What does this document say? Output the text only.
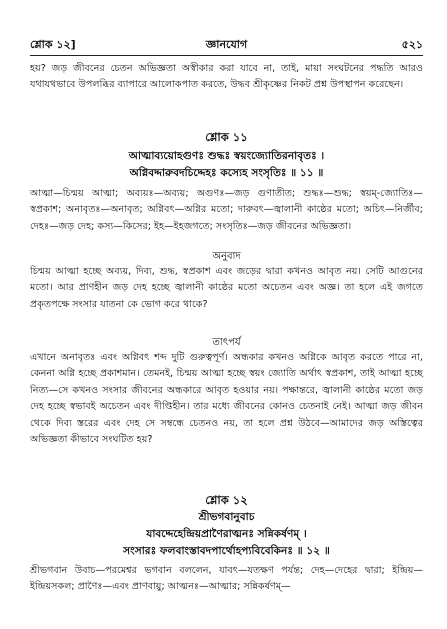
শ্লোক ১২]	জ্ঞানযোগ	৫২১

হয়? জড় জীবনের চেতন অভিজ্ঞতা অস্বীকার করা যাবে না, তাই, মায়া সংঘটনের পদ্ধতি আরও যথাযথভাবে উপলব্ধির ব্যাপারে আলোকপাত করতে, উদ্ধব শ্রীকৃষ্ণের নিকট প্রশ্ন উপস্থাপন করেছেন।

শ্লোক ১১

আত্মাব্যয়োহগুণঃ শুদ্ধঃ স্বয়ংজ্যোতিরনাবৃতঃ ।

অগ্নিবদ্দারুবদচিদ্দেহঃ কস্যেহ সংসৃতিঃ ॥ ১১ ॥

আত্মা—চিন্ময় আত্মা; অব্যয়ঃ—অব্যয়; অগুণঃ—জড় গুণাতীত; শুদ্ধঃ—শুদ্ধ; স্বয়ম্-জ্যোতিঃ—স্বপ্রকাশ; অনাবৃতঃ—অনাবৃত; অগ্নিবৎ—অগ্নির মতো; দারুবৎ—জ্বালানী কাষ্ঠের মতো; অচিৎ—নির্জীব; দেহঃ—জড় দেহ; কস্য—কিসের; ইহ—ইহজগতে; সংসৃতিঃ—জড় জীবনের অভিজ্ঞতা।

অনুবাদ

চিন্ময় আত্মা হচ্ছে অব্যয়, দিব্য, শুদ্ধ, স্বপ্রকাশ এবং জড়ের দ্বারা কখনও আবৃত নয়। সেটি আগুনের মতো। আর প্রাণহীন জড় দেহ হচ্ছে জ্বালানী কাষ্ঠের মতো অচেতন এবং অজ্ঞ। তা হলে এই জগতে প্রকৃতপক্ষে সংসার যাতনা কে ভোগ করে থাকে?

তাৎপর্য

এখানে অনাবৃতঃ এবং অগ্নিবৎ শব্দ দুটি গুরুত্বপূর্ণ। অন্ধকার কখনও অগ্নিকে আবৃত করতে পারে না, কেননা অগ্নি হচ্ছে প্রকাশমান। তেমনই, চিন্ময় আত্মা হচ্ছে স্বয়ং জ্যোতি অর্থাৎ স্বপ্রকাশ, তাই আত্মা হচ্ছে নিত্য—সে কখনও সংসার জীবনের অন্ধকারে আবৃত হওয়ার নয়। পক্ষান্তরে, জ্বালানী কাষ্ঠের মতো জড় দেহ হচ্ছে স্বভাবই অচেতন এবং দীপ্তিহীন। তার মধ্যে জীবনের কোনও চেতনাই নেই। আত্মা জড় জীবন থেকে দিব্য স্তরের এবং দেহ সে সম্বন্ধে চেতনও নয়, তা হলে প্রশ্ন উঠবে—আমাদের জড় অস্তিত্বের অভিজ্ঞতা কীভাবে সংঘটিত হয়?

শ্লোক ১২

শ্রীভগবানুবাচ

যাবদ্দেহেন্দ্রিয়প্রাণৈরাত্মনঃ সন্নিকর্ষণম্ ।

সংসারঃ ফলবাংস্তাবদপার্থোহপ্যবিবেকিনঃ ॥ ১২ ॥

শ্রীভগবান উবাচ—পরমেশ্বর ভগবান বললেন, যাবৎ—যতক্ষণ পর্যন্ত; দেহ—দেহের দ্বারা; ইন্দ্রিয়—ইন্দ্রিয়সকল; প্রাণৈঃ—এবং প্রাণবায়ু; আত্মনঃ—আত্মার; সন্নিকর্ষণম্—
